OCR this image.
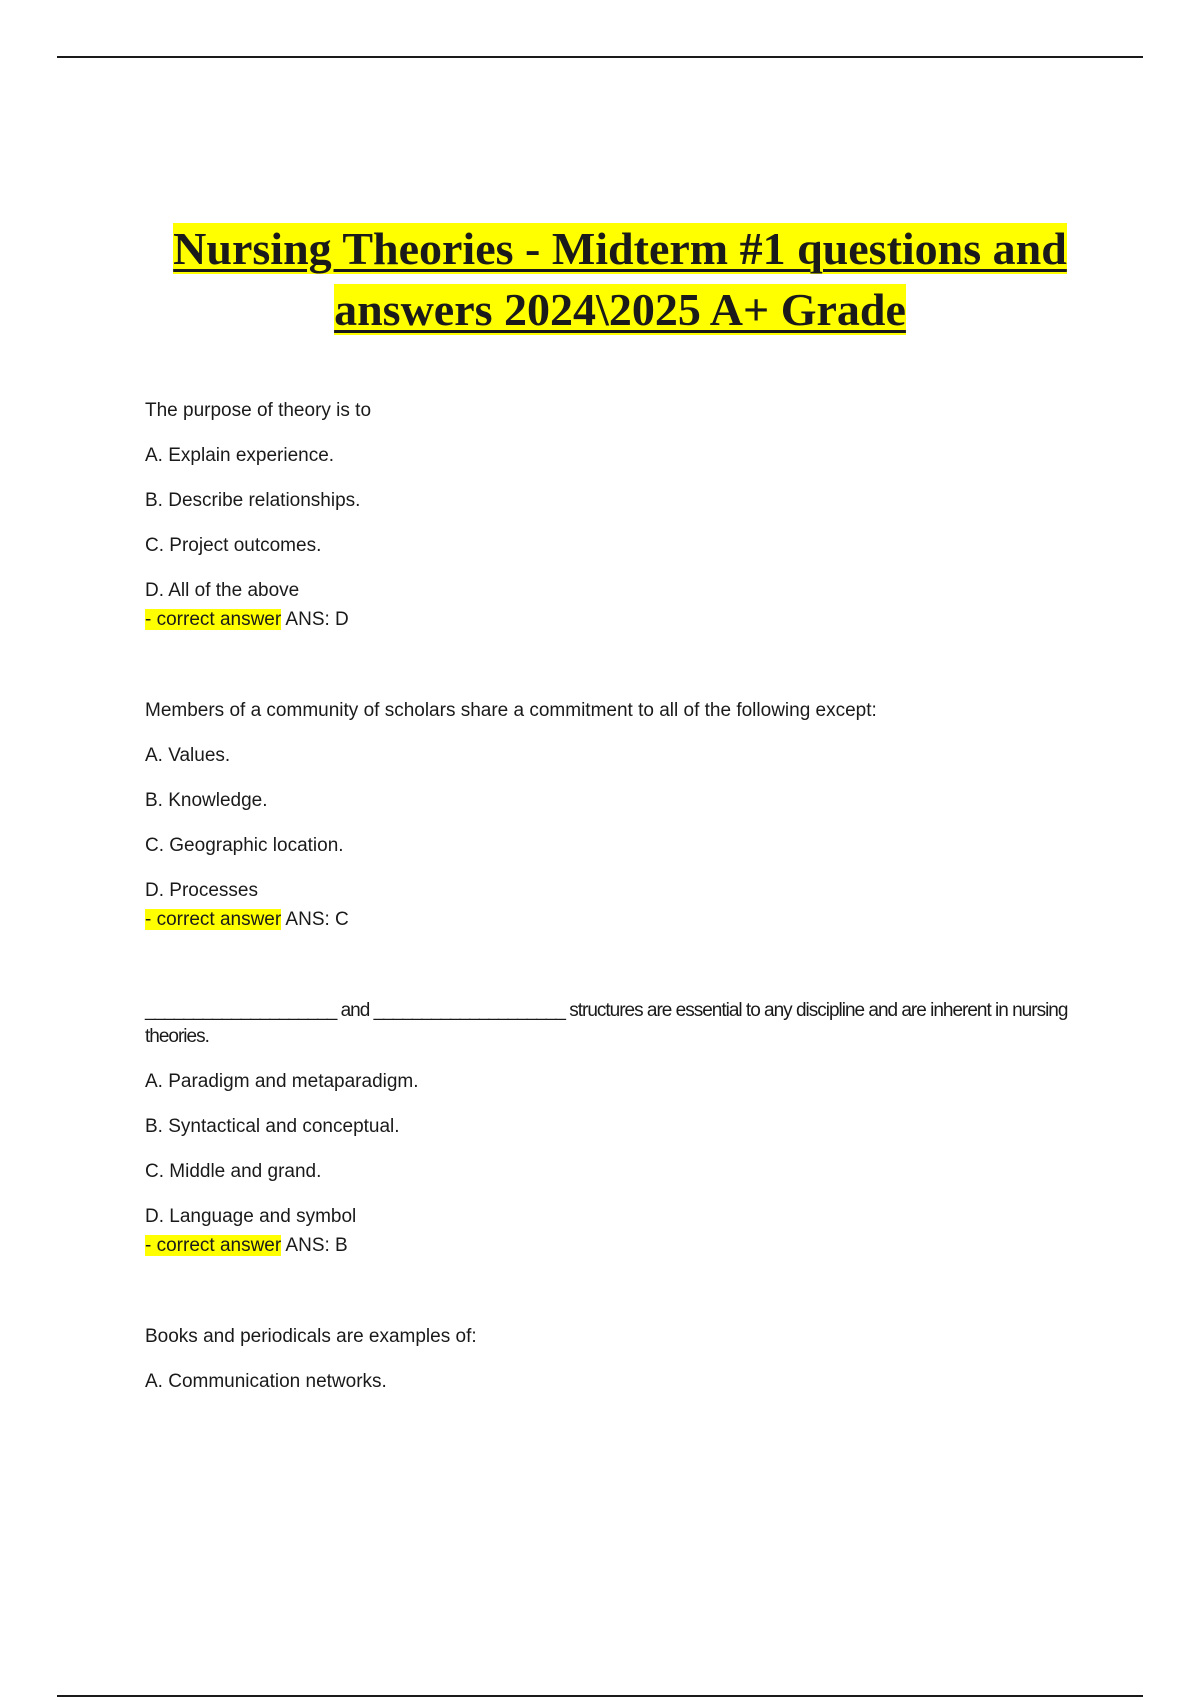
Nursing Theories - Midterm #1 questions and
answers 2024\2025 A+ Grade

The purpose of theory is to

A. Explain experience.

B. Describe relationships.

C. Project outcomes.

D. All of the above

- correct answer ANS: D

Members of a community of scholars share a commitment to all of the following except:

A. Values.

B. Knowledge.

C. Geographic location.

D. Processes

- correct answer ANS: C

____________________ and ____________________ structures are essential to any discipline and are inherent in nursing theories.

A. Paradigm and metaparadigm.

B. Syntactical and conceptual.

C. Middle and grand.

D. Language and symbol

- correct answer ANS: B

Books and periodicals are examples of:

A. Communication networks.
